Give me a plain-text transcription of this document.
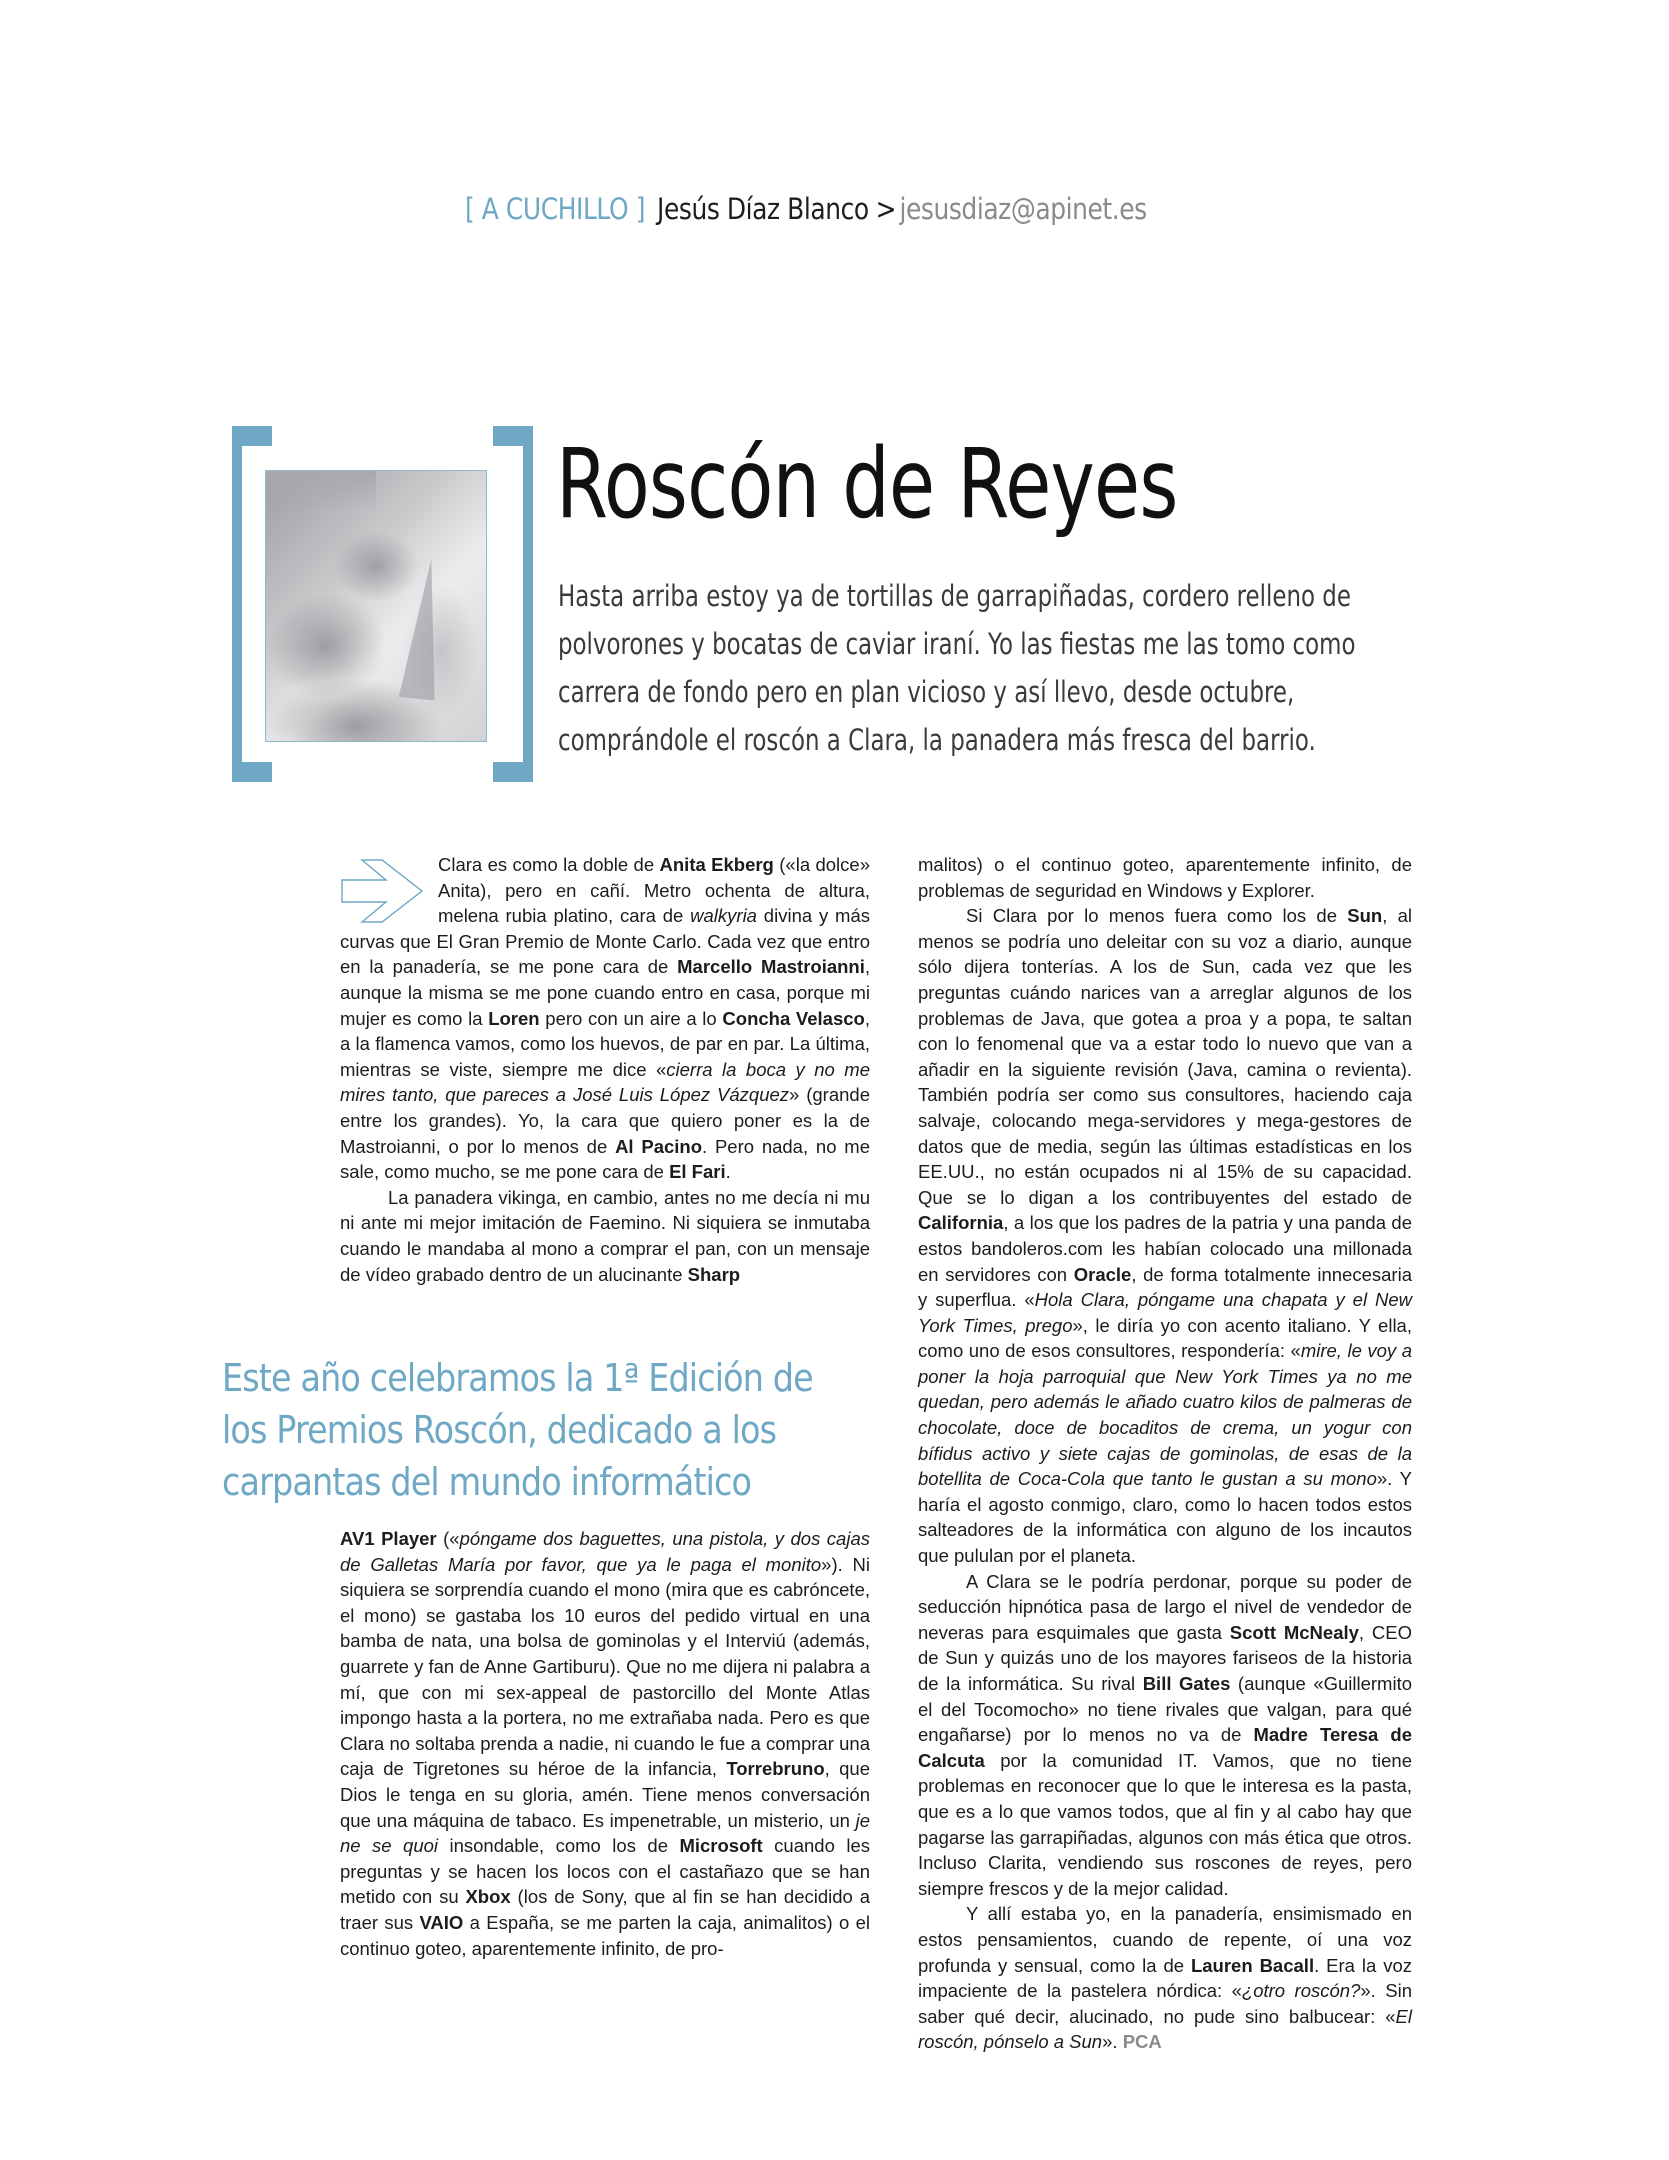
[ A CUCHILLO ] Jesús Díaz Blanco > jesusdiaz@apinet.es
Roscón de Reyes

Hasta arriba estoy ya de tortillas de garrapiñadas, cordero relleno de

polvorones y bocatas de caviar iraní. Yo las fiestas me las tomo como

carrera de fondo pero en plan vicioso y así llevo, desde octubre,

comprándole el roscón a Clara, la panadera más fresca del barrio.

Clara es como la doble de Anita Ekberg («la dolce» Anita), pero en cañí. Metro ochenta de altura, melena rubia platino, cara de walkyria divina y más curvas que El Gran Premio de Monte Carlo. Cada vez que entro en la panadería, se me pone cara de Marcello Mastroianni, aunque la misma se me pone cuando entro en casa, porque mi mujer es como la Loren pero con un aire a lo Concha Velasco, a la flamenca vamos, como los huevos, de par en par. La última, mientras se viste, siempre me dice «cierra la boca y no me mires tanto, que pareces a José Luis López Vázquez» (grande entre los grandes). Yo, la cara que quiero poner es la de Mastroianni, o por lo menos de Al Pacino. Pero nada, no me sale, como mucho, se me pone cara de El Fari.

La panadera vikinga, en cambio, antes no me decía ni mu ni ante mi mejor imitación de Faemino. Ni siquiera se inmutaba cuando le mandaba al mono a comprar el pan, con un mensaje de vídeo grabado dentro de un alucinante Sharp

Este año celebramos la 1ª Edición de

los Premios Roscón, dedicado a los

carpantas del mundo informático

AV1 Player («póngame dos baguettes, una pistola, y dos cajas de Galletas María por favor, que ya le paga el monito»). Ni siquiera se sorprendía cuando el mono (mira que es cabróncete, el mono) se gastaba los 10 euros del pedido virtual en una bamba de nata, una bolsa de gominolas y el Interviú (además, guarrete y fan de Anne Gartiburu). Que no me dijera ni palabra a mí, que con mi sex-appeal de pastorcillo del Monte Atlas impongo hasta a la portera, no me extrañaba nada. Pero es que Clara no soltaba prenda a nadie, ni cuando le fue a comprar una caja de Tigretones su héroe de la infancia, Torrebruno, que Dios le tenga en su gloria, amén. Tiene menos conversación que una máquina de tabaco. Es impenetrable, un misterio, un je ne se quoi insondable, como los de Microsoft cuando les preguntas y se hacen los locos con el castañazo que se han metido con su Xbox (los de Sony, que al fin se han decidido a traer sus VAIO a España, se me parten la caja, animalitos) o el continuo goteo, aparentemente infinito, de pro-

malitos) o el continuo goteo, aparentemente infinito, de problemas de seguridad en Windows y Explorer.

Si Clara por lo menos fuera como los de Sun, al menos se podría uno deleitar con su voz a diario, aunque sólo dijera tonterías. A los de Sun, cada vez que les preguntas cuándo narices van a arreglar algunos de los problemas de Java, que gotea a proa y a popa, te saltan con lo fenomenal que va a estar todo lo nuevo que van a añadir en la siguiente revisión (Java, camina o revienta). También podría ser como sus consultores, haciendo caja salvaje, colocando mega-servidores y mega-gestores de datos que de media, según las últimas estadísticas en los EE.UU., no están ocupados ni al 15% de su capacidad. Que se lo digan a los contribuyentes del estado de California, a los que los padres de la patria y una panda de estos bandoleros.com les habían colocado una millonada en servidores con Oracle, de forma totalmente innecesaria y superflua. «Hola Clara, póngame una chapata y el New York Times, prego», le diría yo con acento italiano. Y ella, como uno de esos consultores, respondería: «mire, le voy a poner la hoja parroquial que New York Times ya no me quedan, pero además le añado cuatro kilos de palmeras de chocolate, doce de bocaditos de crema, un yogur con bífidus activo y siete cajas de gominolas, de esas de la botellita de Coca-Cola que tanto le gustan a su mono». Y haría el agosto conmigo, claro, como lo hacen todos estos salteadores de la informática con alguno de los incautos que pululan por el planeta.

A Clara se le podría perdonar, porque su poder de seducción hipnótica pasa de largo el nivel de vendedor de neveras para esquimales que gasta Scott McNealy, CEO de Sun y quizás uno de los mayores fariseos de la historia de la informática. Su rival Bill Gates (aunque «Guillermito el del Tocomocho» no tiene rivales que valgan, para qué engañarse) por lo menos no va de Madre Teresa de Calcuta por la comunidad IT. Vamos, que no tiene problemas en reconocer que lo que le interesa es la pasta, que es a lo que vamos todos, que al fin y al cabo hay que pagarse las garrapiñadas, algunos con más ética que otros. Incluso Clarita, vendiendo sus roscones de reyes, pero siempre frescos y de la mejor calidad.

Y allí estaba yo, en la panadería, ensimismado en estos pensamientos, cuando de repente, oí una voz profunda y sensual, como la de Lauren Bacall. Era la voz impaciente de la pastelera nórdica: «¿otro roscón?». Sin saber qué decir, alucinado, no pude sino balbucear: «El roscón, pónselo a Sun». PCA
